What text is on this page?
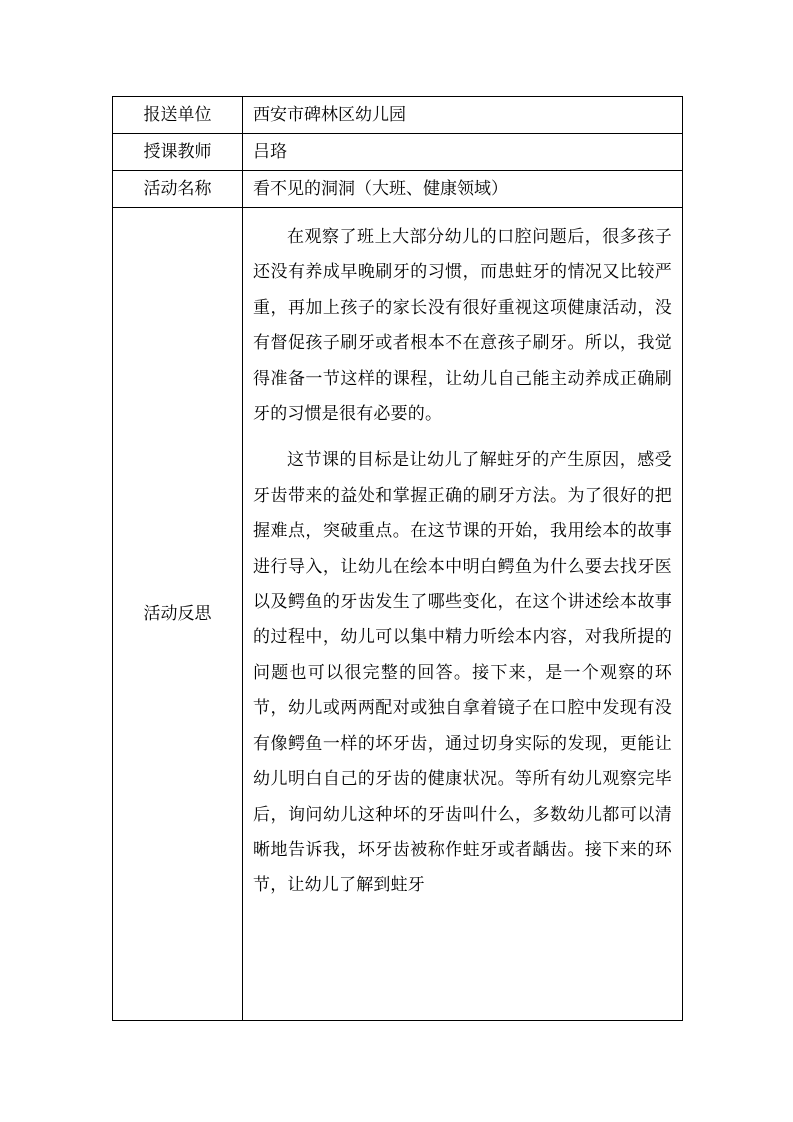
报送单位	西安市碑林区幼儿园
授课教师	吕珞
活动名称	看不见的洞洞（大班、健康领域）
活动反思	在观察了班上大部分幼儿的口腔问题后，很多孩子还没有养成早晚刷牙的习惯，而患蛀牙的情况又比较严重，再加上孩子的家长没有很好重视这项健康活动，没有督促孩子刷牙或者根本不在意孩子刷牙。所以，我觉得准备一节这样的课程，让幼儿自己能主动养成正确刷牙的习惯是很有必要的。

这节课的目标是让幼儿了解蛀牙的产生原因，感受牙齿带来的益处和掌握正确的刷牙方法。为了很好的把握难点，突破重点。在这节课的开始，我用绘本的故事进行导入，让幼儿在绘本中明白鳄鱼为什么要去找牙医以及鳄鱼的牙齿发生了哪些变化，在这个讲述绘本故事的过程中，幼儿可以集中精力听绘本内容，对我所提的问题也可以很完整的回答。接下来，是一个观察的环节，幼儿或两两配对或独自拿着镜子在口腔中发现有没有像鳄鱼一样的坏牙齿，通过切身实际的发现，更能让幼儿明白自己的牙齿的健康状况。等所有幼儿观察完毕后，询问幼儿这种坏的牙齿叫什么，多数幼儿都可以清晰地告诉我，坏牙齿被称作蛀牙或者龋齿。接下来的环节，让幼儿了解到蛀牙
